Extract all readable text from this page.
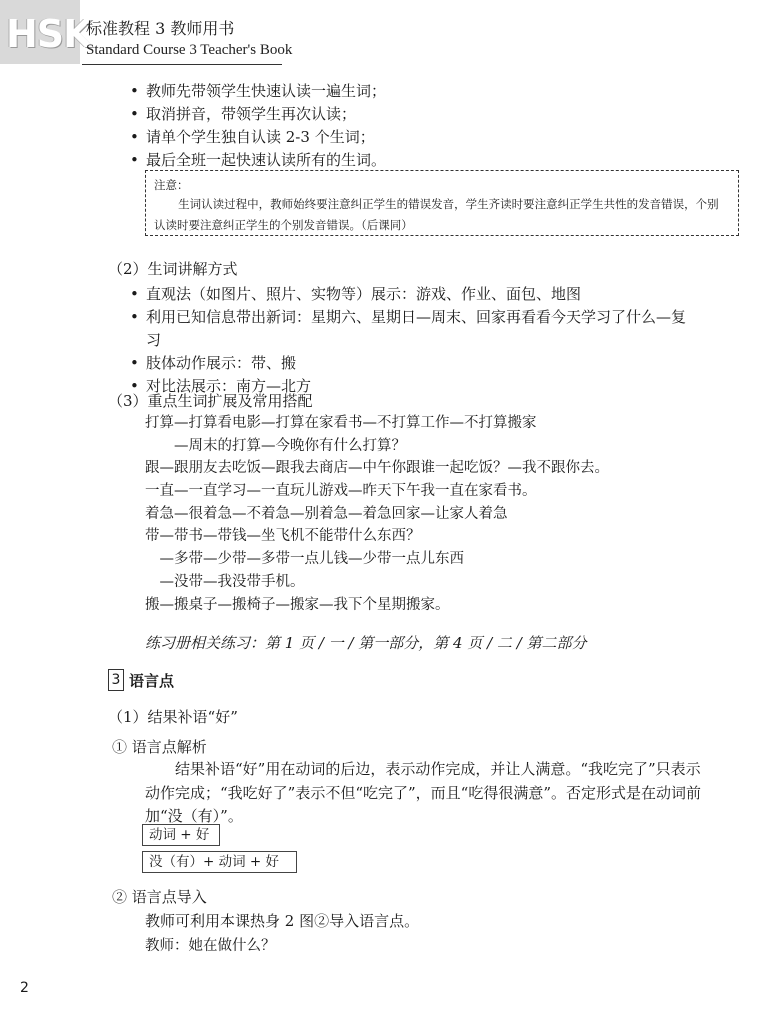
HSK
标准教程 3 教师用书
Standard Course 3 Teacher's Book
• 教师先带领学生快速认读一遍生词；
• 取消拼音，带领学生再次认读；
• 请单个学生独自认读 2-3 个生词；
• 最后全班一起快速认读所有的生词。
注意：
生词认读过程中，教师始终要注意纠正学生的错误发音，学生齐读时要注意纠正学生共性的发音错误，个别认读时要注意纠正学生的个别发音错误。（后课同）
（2）生词讲解方式
• 直观法（如图片、照片、实物等）展示：游戏、作业、面包、地图
• 利用已知信息带出新词：星期六、星期日—周末、回家再看看今天学习了什么—复
习
• 肢体动作展示：带、搬
• 对比法展示：南方—北方
（3）重点生词扩展及常用搭配
打算—打算看电影—打算在家看书—不打算工作—不打算搬家
　　—周末的打算—今晚你有什么打算？
跟—跟朋友去吃饭—跟我去商店—中午你跟谁一起吃饭？—我不跟你去。
一直—一直学习—一直玩儿游戏—昨天下午我一直在家看书。
着急—很着急—不着急—别着急—着急回家—让家人着急
带—带书—带钱—坐飞机不能带什么东西？
　—多带—少带—多带一点儿钱—少带一点儿东西
　—没带—我没带手机。
搬—搬桌子—搬椅子—搬家—我下个星期搬家。
练习册相关练习：第 1 页 / 一 / 第一部分，第 4 页 / 二 / 第二部分
3 语言点
（1）结果补语“好”
① 语言点解析
结果补语“好”用在动词的后边，表示动作完成，并让人满意。“我吃完了”只表示动作完成；“我吃好了”表示不但“吃完了”，而且“吃得很满意”。否定形式是在动词前加“没（有）”。
动词 + 好
没（有）+ 动词 + 好
② 语言点导入
教师可利用本课热身 2 图②导入语言点。
教师：她在做什么？
2
